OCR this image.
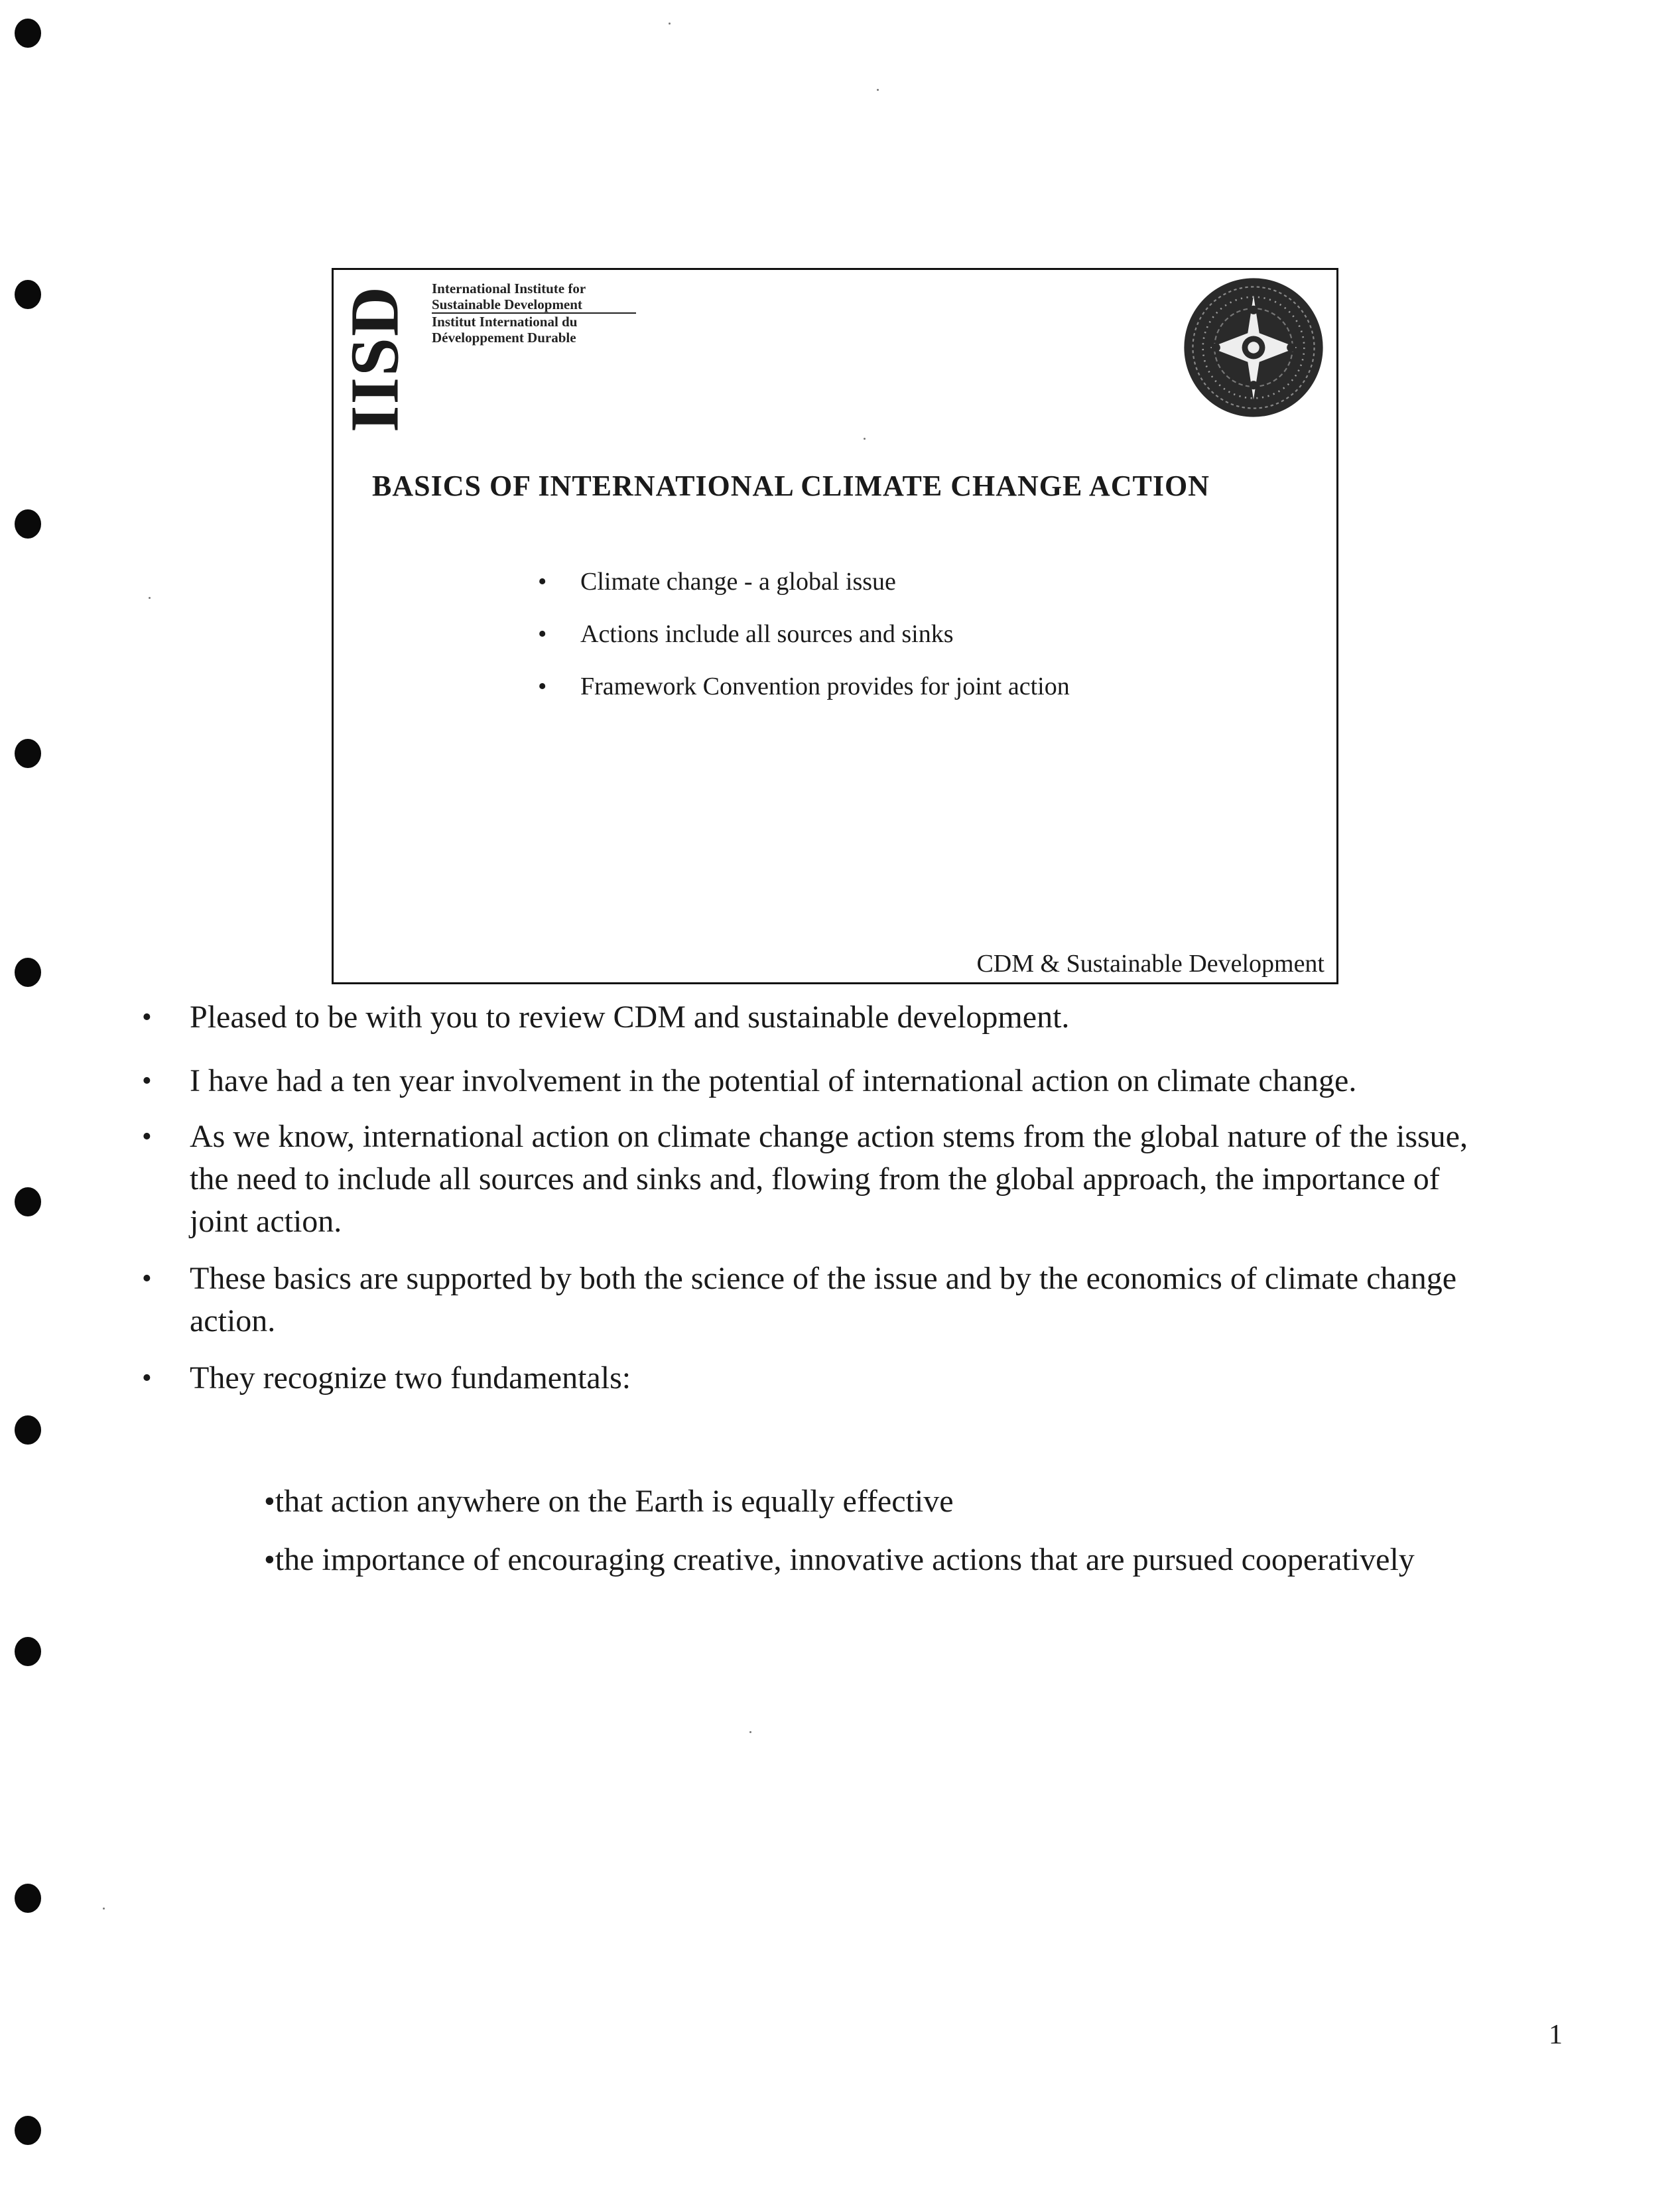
IISD International Institute for
Sustainable Development
Institut International du
Développement Durable
BASICS OF INTERNATIONAL CLIMATE CHANGE ACTION
• Climate change - a global issue
• Actions include all sources and sinks
• Framework Convention provides for joint action
CDM & Sustainable Development
• Pleased to be with you to review CDM and sustainable development.
• I have had a ten year involvement in the potential of international action on climate change.
• As we know, international action on climate change action stems from the global nature of the issue, the need to include all sources and sinks and, flowing from the global approach, the importance of joint action.
• These basics are supported by both the science of the issue and by the economics of climate change action.
• They recognize two fundamentals:
•that action anywhere on the Earth is equally effective
•the importance of encouraging creative, innovative actions that are pursued cooperatively
1
